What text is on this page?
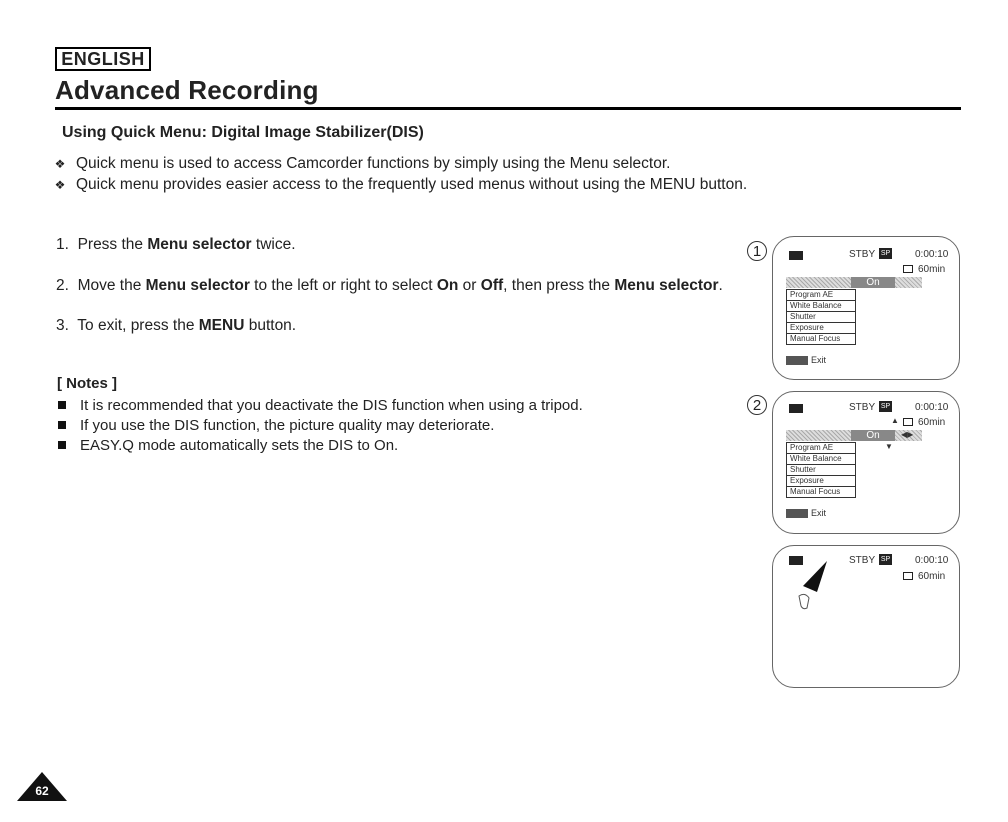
ENGLISH
Advanced Recording
Using Quick Menu: Digital Image Stabilizer(DIS)
❖ Quick menu is used to access Camcorder functions by simply using the Menu selector.
❖ Quick menu provides easier access to the frequently used menus without using the MENU button.
1. Press the Menu selector twice.
2. Move the Menu selector to the left or right to select On or Off, then press the Menu selector.
3. To exit, press the MENU button.
[ Notes ]
It is recommended that you deactivate the DIS function when using a tripod.
If you use the DIS function, the picture quality may deteriorate.
EASY.Q mode automatically sets the DIS to On.
1	STBY SP 0:00:10
60min
On
Program AE
White Balance
Shutter
Exposure
Manual Focus
Exit
2	STBY SP 0:00:10
▲ 60min
On	◀▶
▼
Program AE
White Balance
Shutter
Exposure
Manual Focus
Exit
STBY SP 0:00:10
60min
62
